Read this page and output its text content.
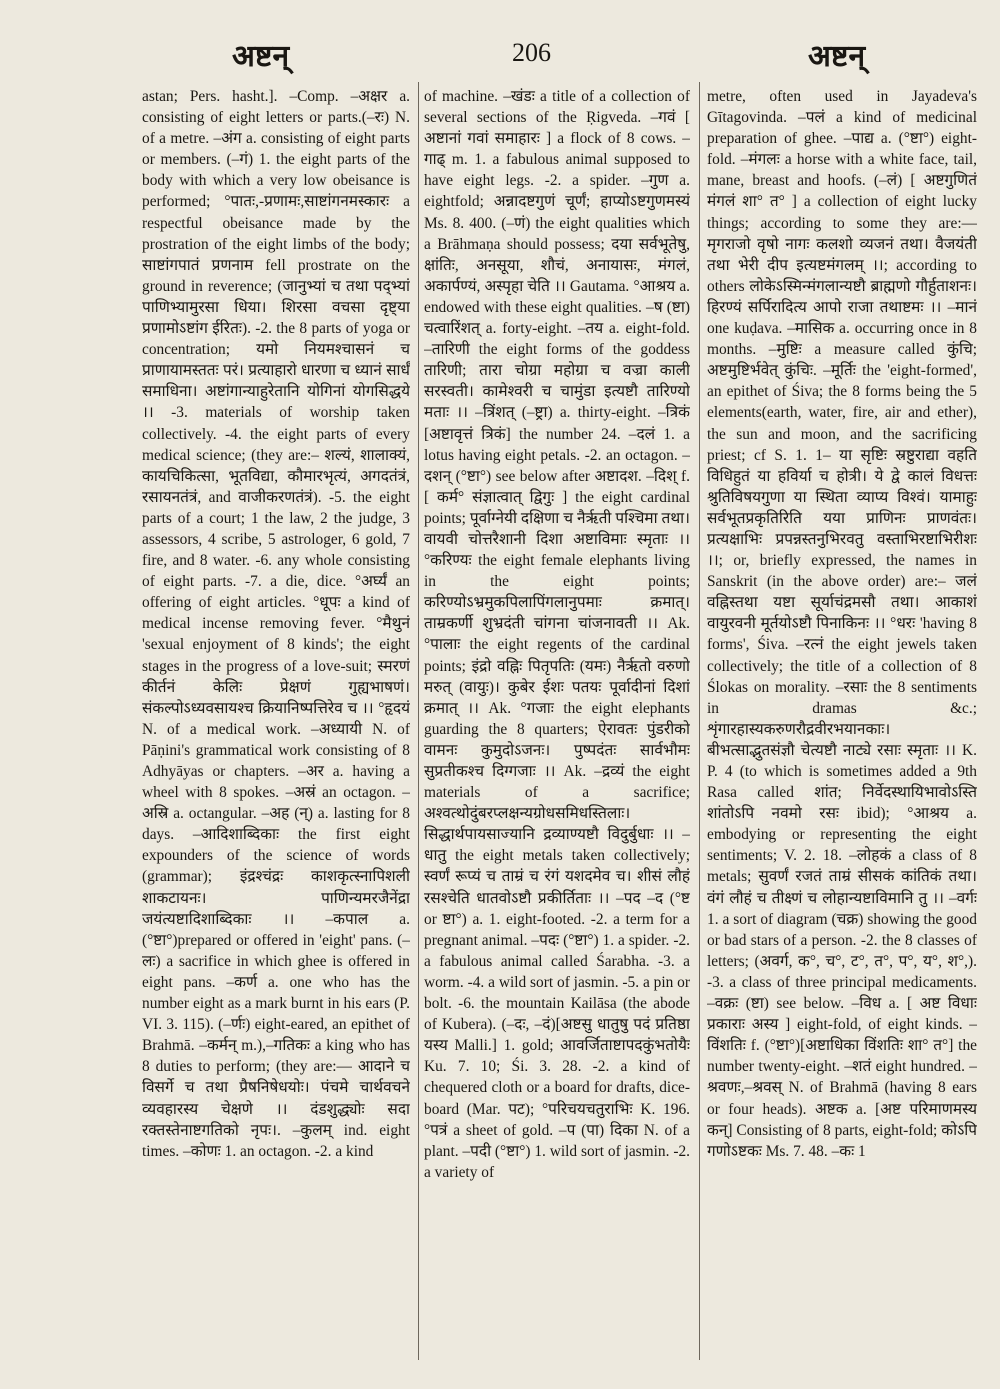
अष्टन्	206	अष्टन्

astan; Pers. hasht.]. –Comp. –अक्षर a. consisting of eight letters or parts.(–रः) N. of a metre. –अंग a. consisting of eight parts or members. (–गं) 1. the eight parts of the body with which a very low obeisance is performed; °पातः,-प्रणामः,साष्टांगनमस्कारः a respectful obeisance made by the prostration of the eight limbs of the body; साष्टांगपातं प्रणनाम fell prostrate on the ground in reverence; (जानुभ्यां च तथा पद्भ्यां पाणिभ्यामुरसा धिया। शिरसा वचसा दृष्ट्या प्रणामोऽष्टांग ईरितः). -2. the 8 parts of yoga or concentration; यमो नियमश्चासनं च प्राणायामस्ततः परं। प्रत्याहारो धारणा च ध्यानं सार्धं समाधिना। अष्टांगान्याहुरेतानि योगिनां योगसिद्धये ।। -3. materials of worship taken collectively. -4. the eight parts of every medical science; (they are:– शल्यं, शालाक्यं, कायचिकित्सा, भूतविद्या, कौमारभृत्यं, अगदतंत्रं, रसायनतंत्रं, and वाजीकरणतंत्रं). -5. the eight parts of a court; 1 the law, 2 the judge, 3 assessors, 4 scribe, 5 astrologer, 6 gold, 7 fire, and 8 water. -6. any whole consisting of eight parts. -7. a die, dice. °अर्घ्यं an offering of eight articles. °धूपः a kind of medical incense removing fever. °मैथुनं 'sexual enjoyment of 8 kinds'; the eight stages in the progress of a love-suit; स्मरणं कीर्तनं केलिः प्रेक्षणं गुह्यभाषणं। संकल्पोऽध्यवसायश्च क्रियानिष्पत्तिरेव च ।। °हृदयं N. of a medical work. –अध्यायी N. of Pāṇini's grammatical work consisting of 8 Adhyāyas or chapters. –अर a. having a wheel with 8 spokes. –अस्रं an octagon. –अस्रि a. octangular. –अह (न्) a. lasting for 8 days. –आदिशाब्दिकाः the first eight expounders of the science of words (grammar); इंद्रश्चंद्रः काशकृत्स्नापिशली शाकटायनः। पाणिन्यमरजैनेंद्रा जयंत्यष्टादिशाब्दिकाः ।। –कपाल a.(°ष्टा°)prepared or offered in 'eight' pans. (–लः) a sacrifice in which ghee is offered in eight pans. –कर्ण a. one who has the number eight as a mark burnt in his ears (P. VI. 3. 115). (–र्णः) eight-eared, an epithet of Brahmā. –कर्मन् m.),–गतिकः a king who has 8 duties to perform; (they are:— आदाने च विसर्गे च तथा प्रैषनिषेधयोः। पंचमे चार्थवचने व्यवहारस्य चेक्षणे ।। दंडशुद्ध्योः सदा रक्तस्तेनाष्टगतिको नृपः।. –कुलम् ind. eight times. –कोणः 1. an octagon. -2. a kind

of machine. –खंडः a title of a collection of several sections of the Ṛigveda. –गवं [ अष्टानां गवां समाहारः ] a flock of 8 cows. –गाढ् m. 1. a fabulous animal supposed to have eight legs. -2. a spider. –गुण a. eightfold; अन्नादष्टगुणं चूर्णं; हाप्योऽष्टगुणमस्यं Ms. 8. 400. (–णं) the eight qualities which a Brāhmaṇa should possess; दया सर्वभूतेषु, क्षांतिः, अनसूया, शौचं, अनायासः, मंगलं, अकार्पण्यं, अस्पृहा चेति ।। Gautama. °आश्रय a. endowed with these eight qualities. –ष (ष्टा) चत्वारिंशत् a. forty-eight. –तय a. eight-fold. –तारिणी the eight forms of the goddess तारिणी; तारा चोग्रा महोग्रा च वज्रा काली सरस्वती। कामेश्वरी च चामुंडा इत्यष्टौ तारिण्यो मताः ।। –त्रिंशत् (–ष्ट्रा) a. thirty-eight. –त्रिकं [अष्टावृत्तं त्रिकं] the number 24. –दलं 1. a lotus having eight petals. -2. an octagon. –दशन् (°ष्टा°) see below after अष्टादश. –दिश् f. [ कर्म° संज्ञात्वात् द्विगुः ] the eight cardinal points; पूर्वाग्नेयी दक्षिणा च नैर्ऋती पश्चिमा तथा। वायवी चोत्तरैशानी दिशा अष्टाविमाः स्मृताः ।। °करिण्यः the eight female elephants living in the eight points; करिण्योऽभ्रमुकपिलापिंगलानुपमाः क्रमात्। ताम्रकर्णी शुभ्रदंती चांगना चांजनावती ।। Ak. °पालाः the eight regents of the cardinal points; इंद्रो वह्निः पितृपतिः (यमः) नैर्ऋतो वरुणो मरुत् (वायुः)। कुबेर ईशः पतयः पूर्वादीनां दिशां क्रमात् ।। Ak. °गजाः the eight elephants guarding the 8 quarters; ऐरावतः पुंडरीको वामनः कुमुदोऽजनः। पुष्पदंतः सार्वभौमः सुप्रतीकश्च दिग्गजाः ।। Ak. –द्रव्यं the eight materials of a sacrifice; अश्वत्थोदुंबरप्लक्षन्यग्रोधसमिधस्तिलाः। सिद्धार्थपायसाज्यानि द्रव्याण्यष्टौ विदुर्बुधाः ।। –धातु the eight metals taken collectively; स्वर्णं रूप्यं च ताम्रं च रंगं यशदमेव च। शीसं लौहं रसश्चेति धातवोऽष्टौ प्रकीर्तिताः ।। –पद –द (°ष्ट or ष्टा°) a. 1. eight-footed. -2. a term for a pregnant animal. –पदः (°ष्टा°) 1. a spider. -2. a fabulous animal called Śarabha. -3. a worm. -4. a wild sort of jasmin. -5. a pin or bolt. -6. the mountain Kailāsa (the abode of Kubera). (–दः, –दं)[अष्टसु धातुषु पदं प्रतिष्ठा यस्य Malli.] 1. gold; आवर्जिताष्टापदकुंभतोयैः Ku. 7. 10; Śi. 3. 28. -2. a kind of chequered cloth or a board for drafts, dice-board (Mar. पट); °परिचयचतुराभिः K. 196. °पत्रं a sheet of gold. –प (पा) दिका N. of a plant. –पदी (°ष्टा°) 1. wild sort of jasmin. -2. a variety of

metre, often used in Jayadeva's Gītagovinda. –पलं a kind of medicinal preparation of ghee. –पाद्य a. (°ष्टा°) eight-fold. –मंगलः a horse with a white face, tail, mane, breast and hoofs. (–लं) [ अष्टगुणितं मंगलं शा° त° ] a collection of eight lucky things; according to some they are:— मृगराजो वृषो नागः कलशो व्यजनं तथा। वैजयंती तथा भेरी दीप इत्यष्टमंगलम् ।।; according to others लोकेऽस्मिन्मंगलान्यष्टौ ब्राह्मणो गौर्हुताशनः। हिरण्यं सर्पिरादित्य आपो राजा तथाष्टमः ।। –मानं one kuḍava. –मासिक a. occurring once in 8 months. –मुष्टिः a measure called कुंचि; अष्टमुष्टिर्भवेत् कुंचिः. –मूर्तिः the 'eight-formed', an epithet of Śiva; the 8 forms being the 5 elements(earth, water, fire, air and ether), the sun and moon, and the sacrificing priest; cf S. 1. 1– या सृष्टिः स्रष्टुराद्या वहति विधिहुतं या हविर्या च होत्री। ये द्वे कालं विधत्तः श्रुतिविषयगुणा या स्थिता व्याप्य विश्वं। यामाहुः सर्वभूतप्रकृतिरिति यया प्राणिनः प्राणवंतः। प्रत्यक्षाभिः प्रपन्नस्तनुभिरवतु वस्ताभिरष्टाभिरीशः ।।; or, briefly expressed, the names in Sanskrit (in the above order) are:– जलं वह्निस्तथा यष्टा सूर्याचंद्रमसौ तथा। आकाशं वायुरवनी मूर्तयोऽष्टौ पिनाकिनः ।। °धरः 'having 8 forms', Śiva. –रत्नं the eight jewels taken collectively; the title of a collection of 8 Ślokas on morality. –रसाः the 8 sentiments in dramas &c.; शृंगारहास्यकरुणरौद्रवीरभयानकाः। बीभत्साद्भुतसंज्ञौ चेत्यष्टौ नाट्ये रसाः स्मृताः ।। K. P. 4 (to which is sometimes added a 9th Rasa called शांत; निर्वेदस्थायिभावोऽस्ति शांतोऽपि नवमो रसः ibid); °आश्रय a. embodying or representing the eight sentiments; V. 2. 18. –लोहकं a class of 8 metals; सुवर्णं रजतं ताम्रं सीसकं कांतिकं तथा। वंगं लौहं च तीक्ष्णं च लोहान्यष्टाविमानि तु ।। –वर्गः 1. a sort of diagram (चक्र) showing the good or bad stars of a person. -2. the 8 classes of letters; (अवर्ग, क°, च°, ट°, त°, प°, य°, श°,). -3. a class of three principal medicaments. –वक्रः (ष्टा) see below. –विध a. [ अष्ट विधाः प्रकाराः अस्य ] eight-fold, of eight kinds. –विंशतिः f. (°ष्टा°)[अष्टाधिका विंशतिः शा° त°] the number twenty-eight. –शतं eight hundred. –श्रवणः,–श्रवस् N. of Brahmā (having 8 ears or four heads). अष्टक a. [अष्ट परिमाणमस्य कन्] Consisting of 8 parts, eight-fold; कोऽपि गणोऽष्टकः Ms. 7. 48. –कः 1
